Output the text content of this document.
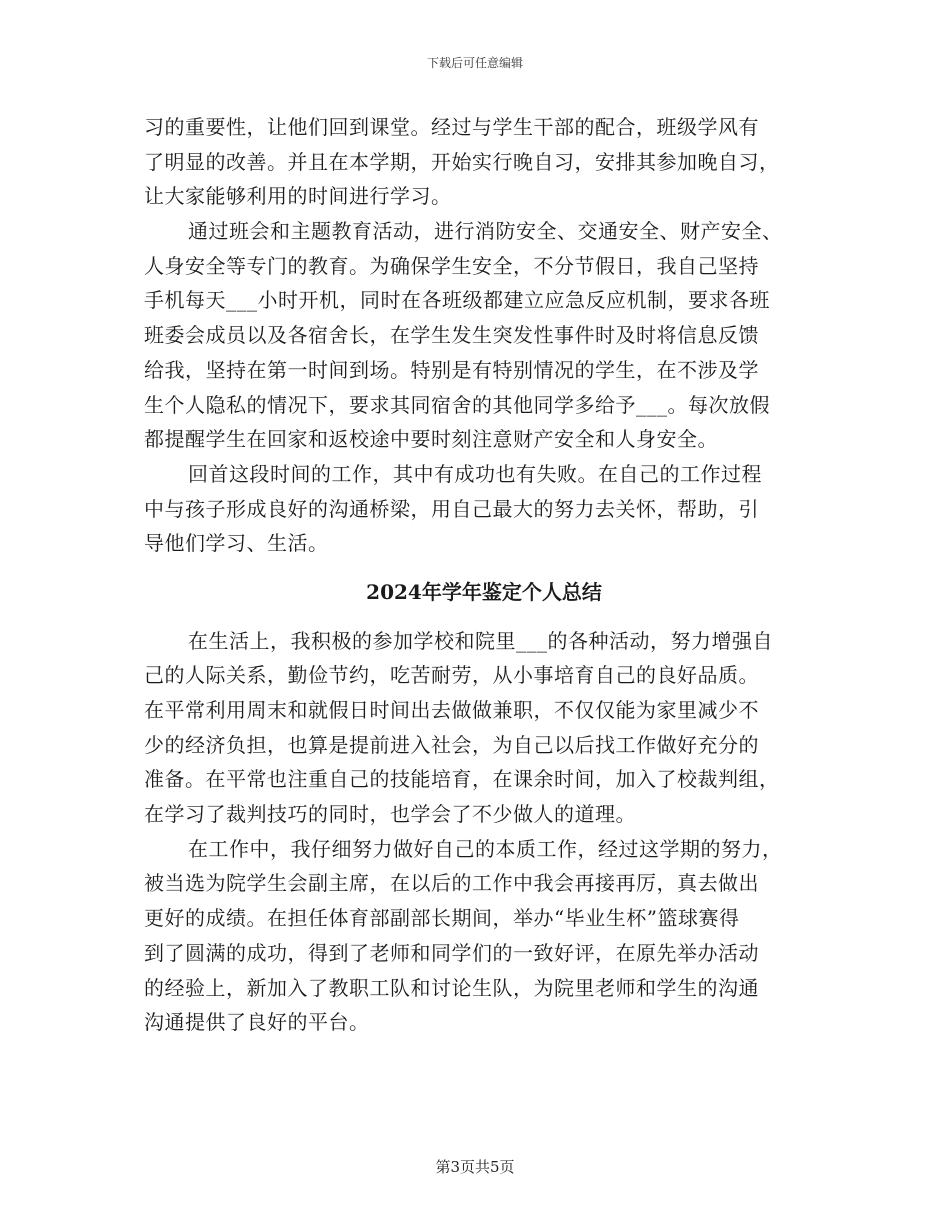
下载后可任意编辑
习的重要性，让他们回到课堂。经过与学生干部的配合，班级学风有
了明显的改善。并且在本学期，开始实行晚自习，安排其参加晚自习，
让大家能够利用的时间进行学习。
通过班会和主题教育活动，进行消防安全、交通安全、财产安全、
人身安全等专门的教育。为确保学生安全，不分节假日，我自己坚持
手机每天___小时开机，同时在各班级都建立应急反应机制，要求各班
班委会成员以及各宿舍长，在学生发生突发性事件时及时将信息反馈
给我，坚持在第一时间到场。特别是有特别情况的学生，在不涉及学
生个人隐私的情况下，要求其同宿舍的其他同学多给予___。每次放假
都提醒学生在回家和返校途中要时刻注意财产安全和人身安全。
回首这段时间的工作，其中有成功也有失败。在自己的工作过程
中与孩子形成良好的沟通桥梁，用自己最大的努力去关怀，帮助，引
导他们学习、生活。
2024年学年鉴定个人总结
在生活上，我积极的参加学校和院里___的各种活动，努力增强自
己的人际关系，勤俭节约，吃苦耐劳，从小事培育自己的良好品质。
在平常利用周末和就假日时间出去做做兼职，不仅仅能为家里减少不
少的经济负担，也算是提前进入社会，为自己以后找工作做好充分的
准备。在平常也注重自己的技能培育，在课余时间，加入了校裁判组，
在学习了裁判技巧的同时，也学会了不少做人的道理。
在工作中，我仔细努力做好自己的本质工作，经过这学期的努力，
被当选为院学生会副主席，在以后的工作中我会再接再厉，真去做出
更好的成绩。在担任体育部副部长期间，举办“毕业生杯”篮球赛得
到了圆满的成功，得到了老师和同学们的一致好评，在原先举办活动
的经验上，新加入了教职工队和讨论生队，为院里老师和学生的沟通
沟通提供了良好的平台。
第3页共5页
